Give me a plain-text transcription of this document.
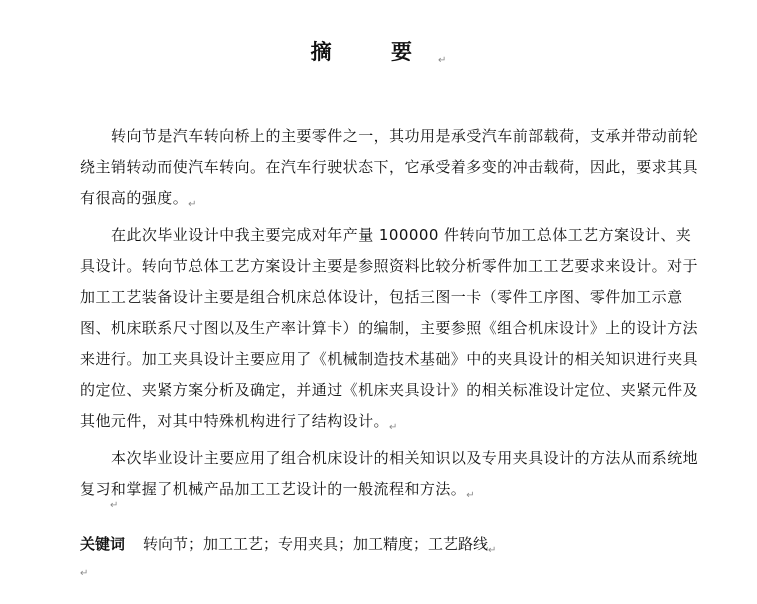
摘 要↵

转向节是汽车转向桥上的主要零件之一，其功用是承受汽车前部载荷，支承并带动前轮绕主销转动而使汽车转向。在汽车行驶状态下，它承受着多变的冲击载荷，因此，要求其具有很高的强度。$_↵$

在此次毕业设计中我主要完成对年产量 100000 件转向节加工总体工艺方案设计、夹具设计。转向节总体工艺方案设计主要是参照资料比较分析零件加工工艺要求来设计。对于加工工艺装备设计主要是组合机床总体设计，包括三图一卡（零件工序图、零件加工示意图、机床联系尺寸图以及生产率计算卡）的编制，主要参照《组合机床设计》上的设计方法来进行。加工夹具设计主要应用了《机械制造技术基础》中的夹具设计的相关知识进行夹具的定位、夹紧方案分析及确定，并通过《机床夹具设计》的相关标准设计定位、夹紧元件及其他元件，对其中特殊机构进行了结构设计。$_↵$

本次毕业设计主要应用了组合机床设计的相关知识以及专用夹具设计的方法从而系统地复习和掌握了机械产品加工工艺设计的一般流程和方法。$_↵$

↵
关键词 转向节；加工工艺；专用夹具；加工精度；工艺路线$_↵$
↵
